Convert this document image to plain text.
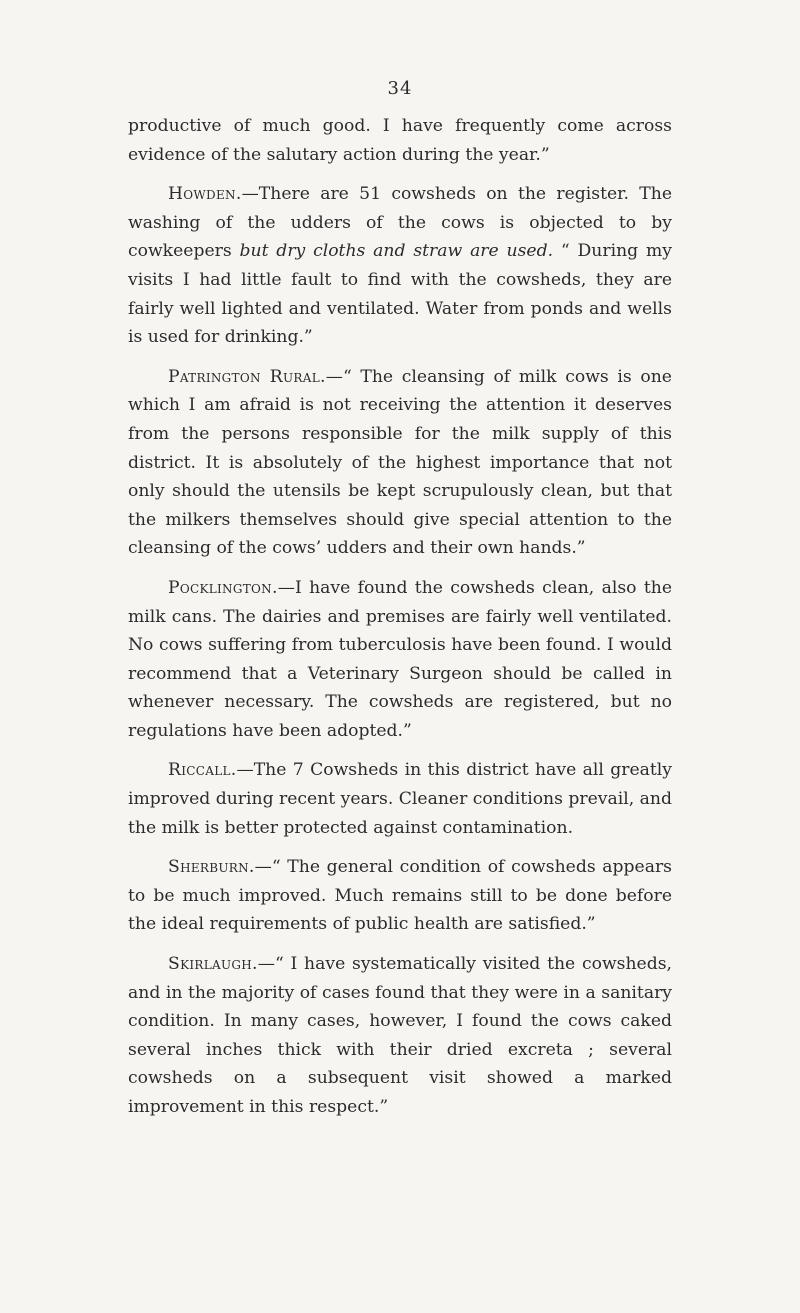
34

productive of much good. I have frequently come across evidence of the salutary action during the year.”

Howden.—There are 51 cowsheds on the register. The washing of the udders of the cows is objected to by cowkeepers but dry cloths and straw are used. “ During my visits I had little fault to find with the cowsheds, they are fairly well lighted and ventilated. Water from ponds and wells is used for drinking.”

Patrington Rural.—“ The cleansing of milk cows is one which I am afraid is not receiving the attention it deserves from the persons responsible for the milk supply of this district. It is absolutely of the highest importance that not only should the utensils be kept scrupulously clean, but that the milkers themselves should give special attention to the cleansing of the cows’ udders and their own hands.”

Pocklington.—I have found the cowsheds clean, also the milk cans. The dairies and premises are fairly well ventilated. No cows suffering from tuberculosis have been found. I would recommend that a Veterinary Surgeon should be called in whenever necessary. The cowsheds are registered, but no regulations have been adopted.”

Riccall.—The 7 Cowsheds in this district have all greatly improved during recent years. Cleaner conditions prevail, and the milk is better protected against contamination.

Sherburn.—“ The general condition of cowsheds appears to be much improved. Much remains still to be done before the ideal requirements of public health are satisfied.”

Skirlaugh.—“ I have systematically visited the cowsheds, and in the majority of cases found that they were in a sanitary condition. In many cases, however, I found the cows caked several inches thick with their dried excreta ; several cowsheds on a subsequent visit showed a marked improvement in this respect.”
